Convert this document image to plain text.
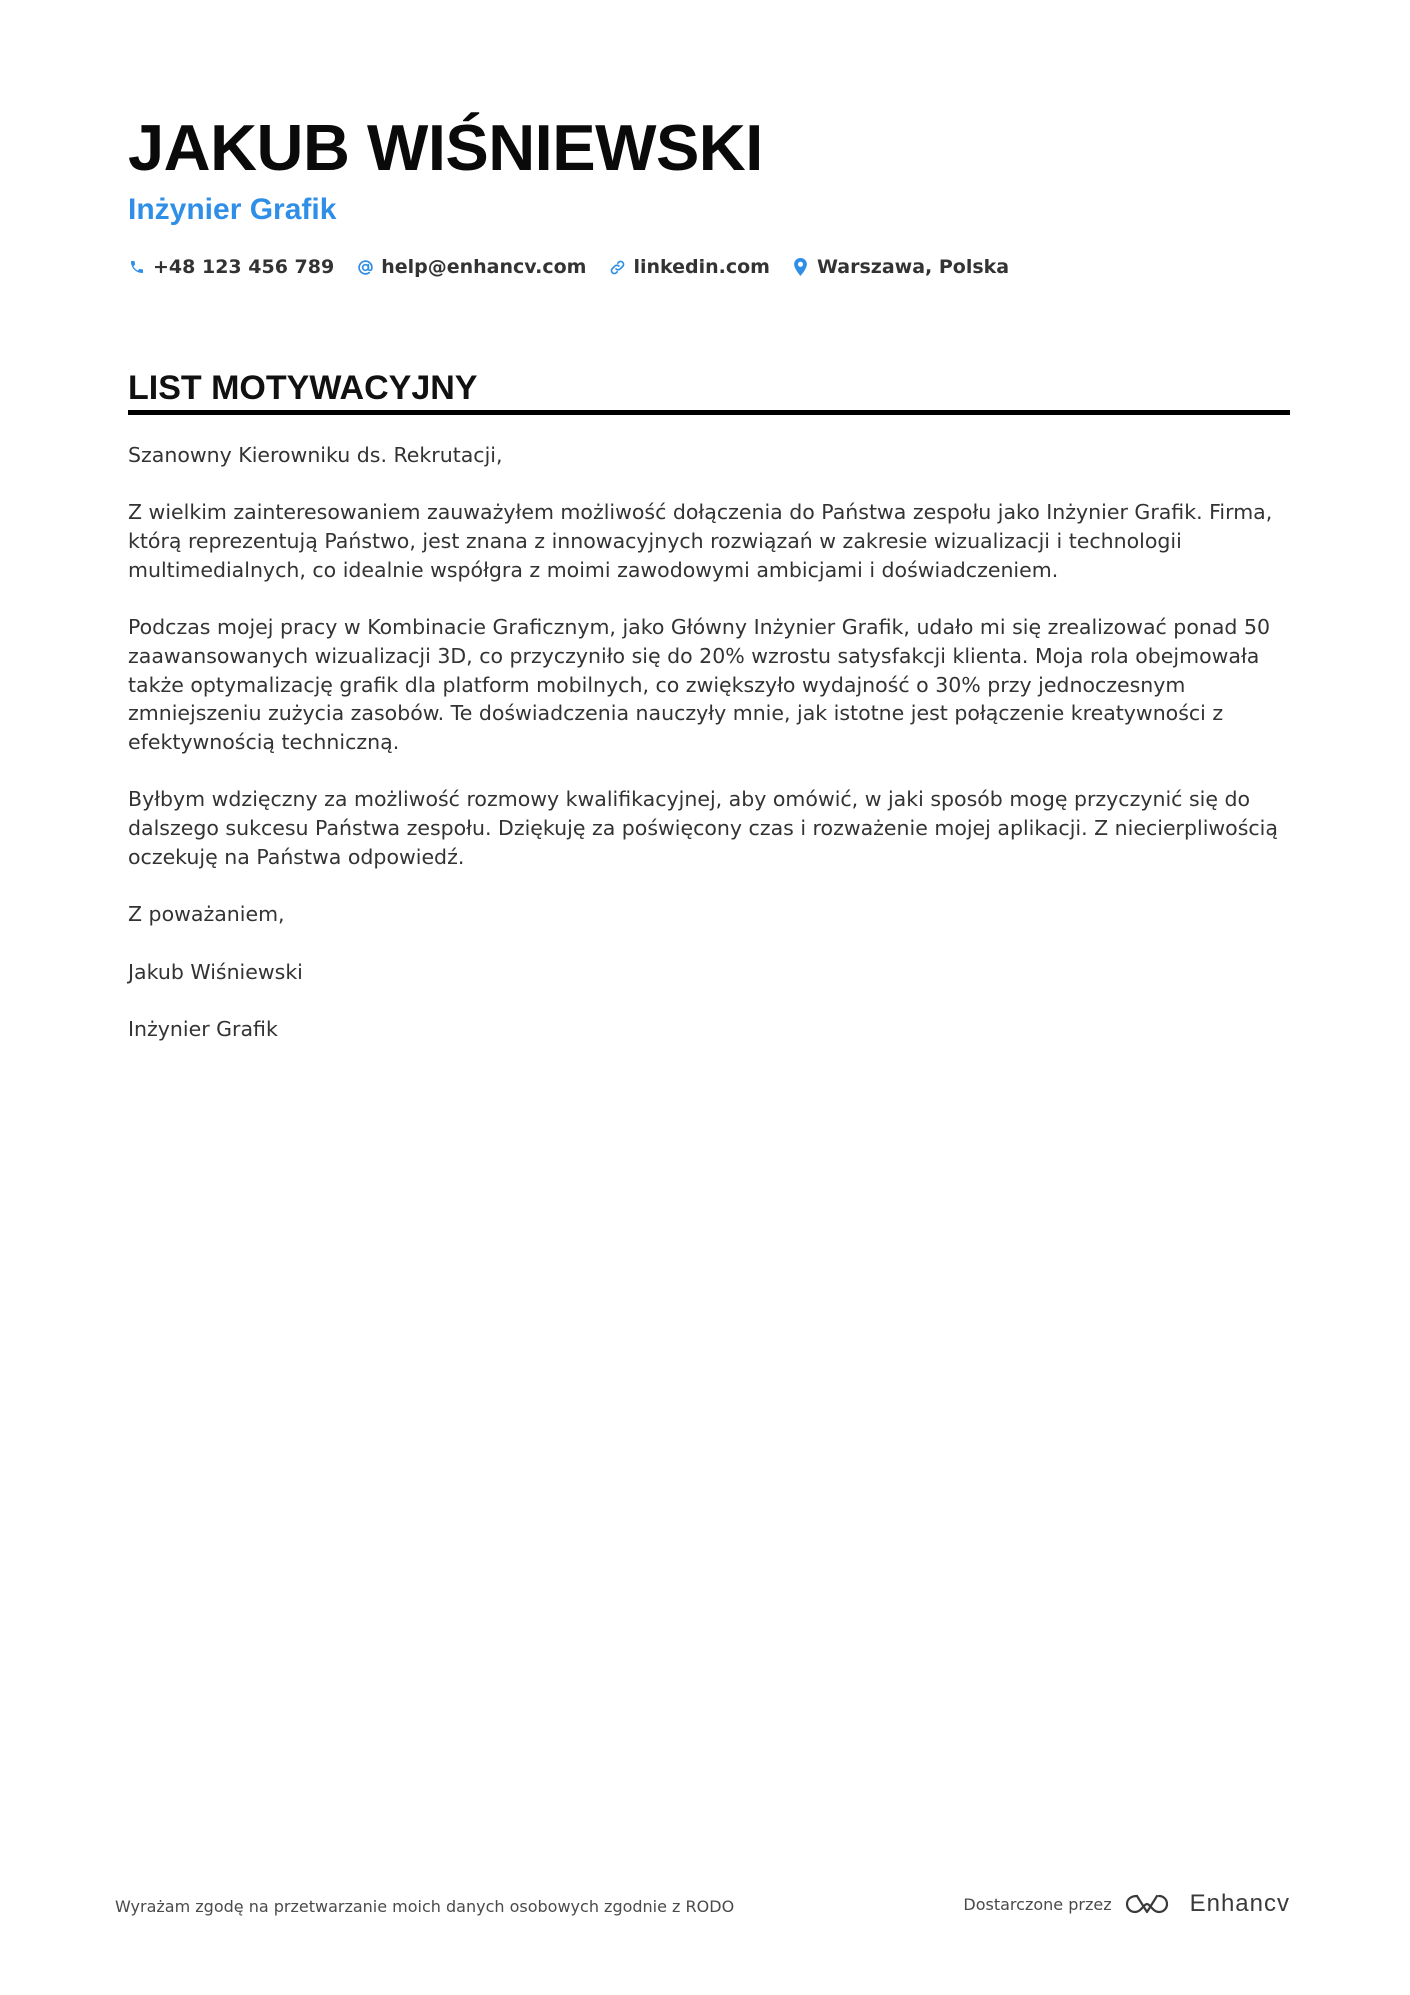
JAKUB WIŚNIEWSKI
Inżynier Grafik
+48 123 456 789 help@enhancv.com linkedin.com Warszawa, Polska
LIST MOTYWACYJNY

Szanowny Kierowniku ds. Rekrutacji,

Z wielkim zainteresowaniem zauważyłem możliwość dołączenia do Państwa zespołu jako Inżynier Grafik. Firma, którą reprezentują Państwo, jest znana z innowacyjnych rozwiązań w zakresie wizualizacji i technologii multimedialnych, co idealnie współgra z moimi zawodowymi ambicjami i doświadczeniem.

Podczas mojej pracy w Kombinacie Graficznym, jako Główny Inżynier Grafik, udało mi się zrealizować ponad 50 zaawansowanych wizualizacji 3D, co przyczyniło się do 20% wzrostu satysfakcji klienta. Moja rola obejmowała także optymalizację grafik dla platform mobilnych, co zwiększyło wydajność o 30% przy jednoczesnym zmniejszeniu zużycia zasobów. Te doświadczenia nauczyły mnie, jak istotne jest połączenie kreatywności z efektywnością techniczną.

Byłbym wdzięczny za możliwość rozmowy kwalifikacyjnej, aby omówić, w jaki sposób mogę przyczynić się do dalszego sukcesu Państwa zespołu. Dziękuję za poświęcony czas i rozważenie mojej aplikacji. Z niecierpliwością oczekuję na Państwa odpowiedź.

Z poważaniem,

Jakub Wiśniewski

Inżynier Grafik

Wyrażam zgodę na przetwarzanie moich danych osobowych zgodnie z RODO	Dostarczone przez	Enhancv
